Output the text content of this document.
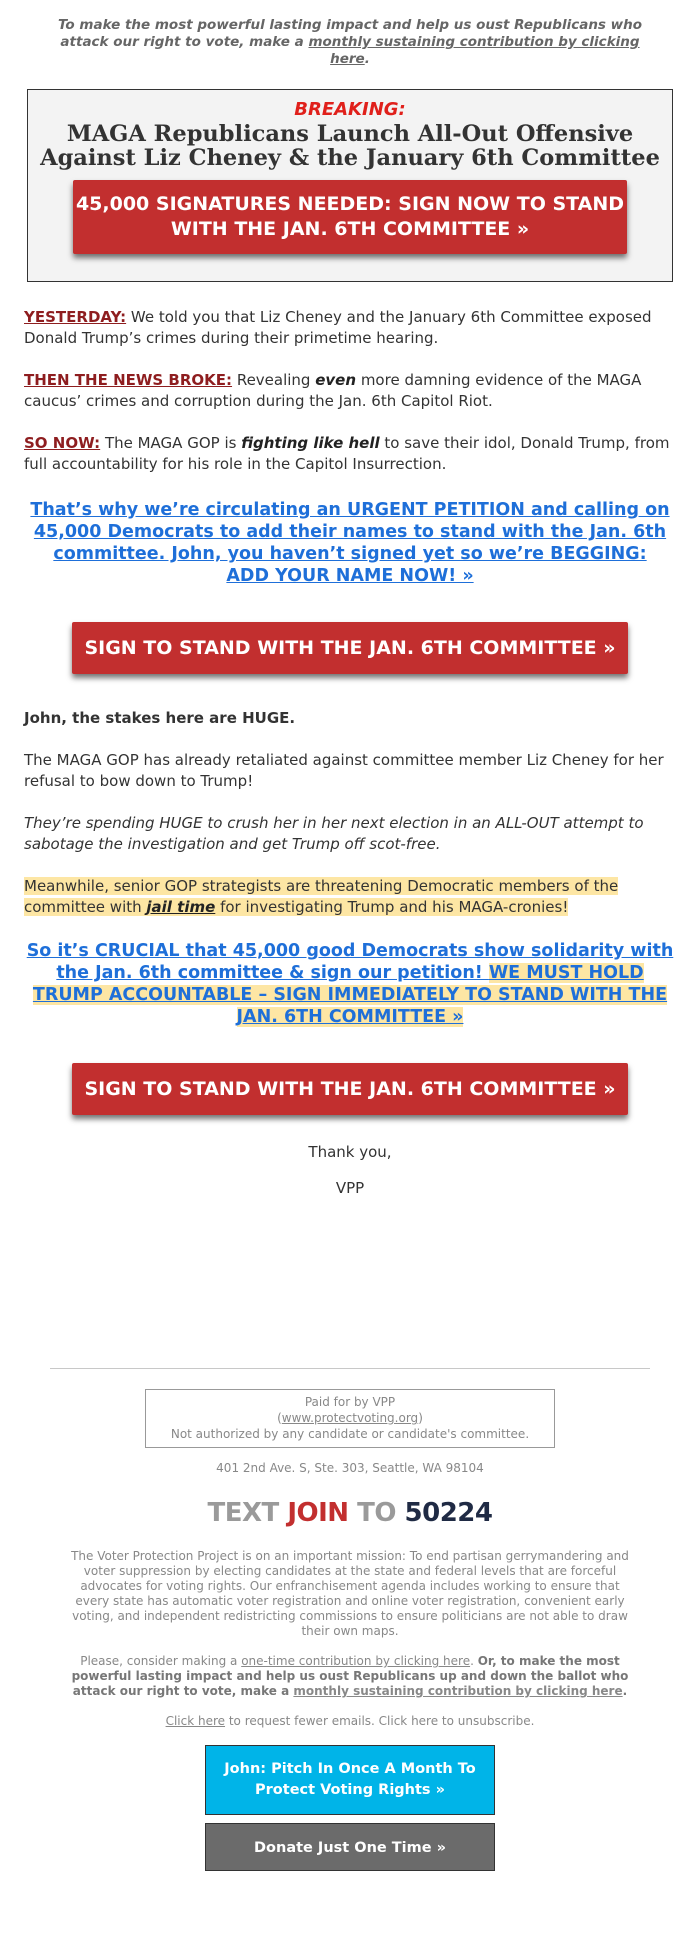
To make the most powerful lasting impact and help us oust Republicans who attack our right to vote, make a monthly sustaining contribution by clicking here.
BREAKING:
MAGA Republicans Launch All-Out Offensive Against Liz Cheney & the January 6th Committee
45,000 SIGNATURES NEEDED: SIGN NOW TO STAND WITH THE JAN. 6TH COMMITTEE »

YESTERDAY: We told you that Liz Cheney and the January 6th Committee exposed Donald Trump’s crimes during their primetime hearing.

THEN THE NEWS BROKE: Revealing even more damning evidence of the MAGA caucus’ crimes and corruption during the Jan. 6th Capitol Riot.

SO NOW: The MAGA GOP is fighting like hell to save their idol, Donald Trump, from full accountability for his role in the Capitol Insurrection.

That’s why we’re circulating an URGENT PETITION and calling on 45,000 Democrats to add their names to stand with the Jan. 6th committee. John, you haven’t signed yet so we’re BEGGING: ADD YOUR NAME NOW! »
SIGN TO STAND WITH THE JAN. 6TH COMMITTEE »

John, the stakes here are HUGE.

The MAGA GOP has already retaliated against committee member Liz Cheney for her refusal to bow down to Trump!

They’re spending HUGE to crush her in her next election in an ALL-OUT attempt to sabotage the investigation and get Trump off scot-free.

Meanwhile, senior GOP strategists are threatening Democratic members of the committee with jail time for investigating Trump and his MAGA-cronies!

So it’s CRUCIAL that 45,000 good Democrats show solidarity with the Jan. 6th committee & sign our petition! WE MUST HOLD TRUMP ACCOUNTABLE – SIGN IMMEDIATELY TO STAND WITH THE JAN. 6TH COMMITTEE »
SIGN TO STAND WITH THE JAN. 6TH COMMITTEE »
Thank you,
VPP
Paid for by VPP
(www.protectvoting.org)
Not authorized by any candidate or candidate's committee.
401 2nd Ave. S, Ste. 303, Seattle, WA 98104
TEXT JOIN TO 50224

The Voter Protection Project is on an important mission: To end partisan gerrymandering and voter suppression by electing candidates at the state and federal levels that are forceful advocates for voting rights. Our enfranchisement agenda includes working to ensure that every state has automatic voter registration and online voter registration, convenient early voting, and independent redistricting commissions to ensure politicians are not able to draw their own maps.

Please, consider making a one-time contribution by clicking here. Or, to make the most powerful lasting impact and help us oust Republicans up and down the ballot who attack our right to vote, make a monthly sustaining contribution by clicking here.

Click here to request fewer emails. Click here to unsubscribe.

John: Pitch In Once A Month To Protect Voting Rights »
Donate Just One Time »
